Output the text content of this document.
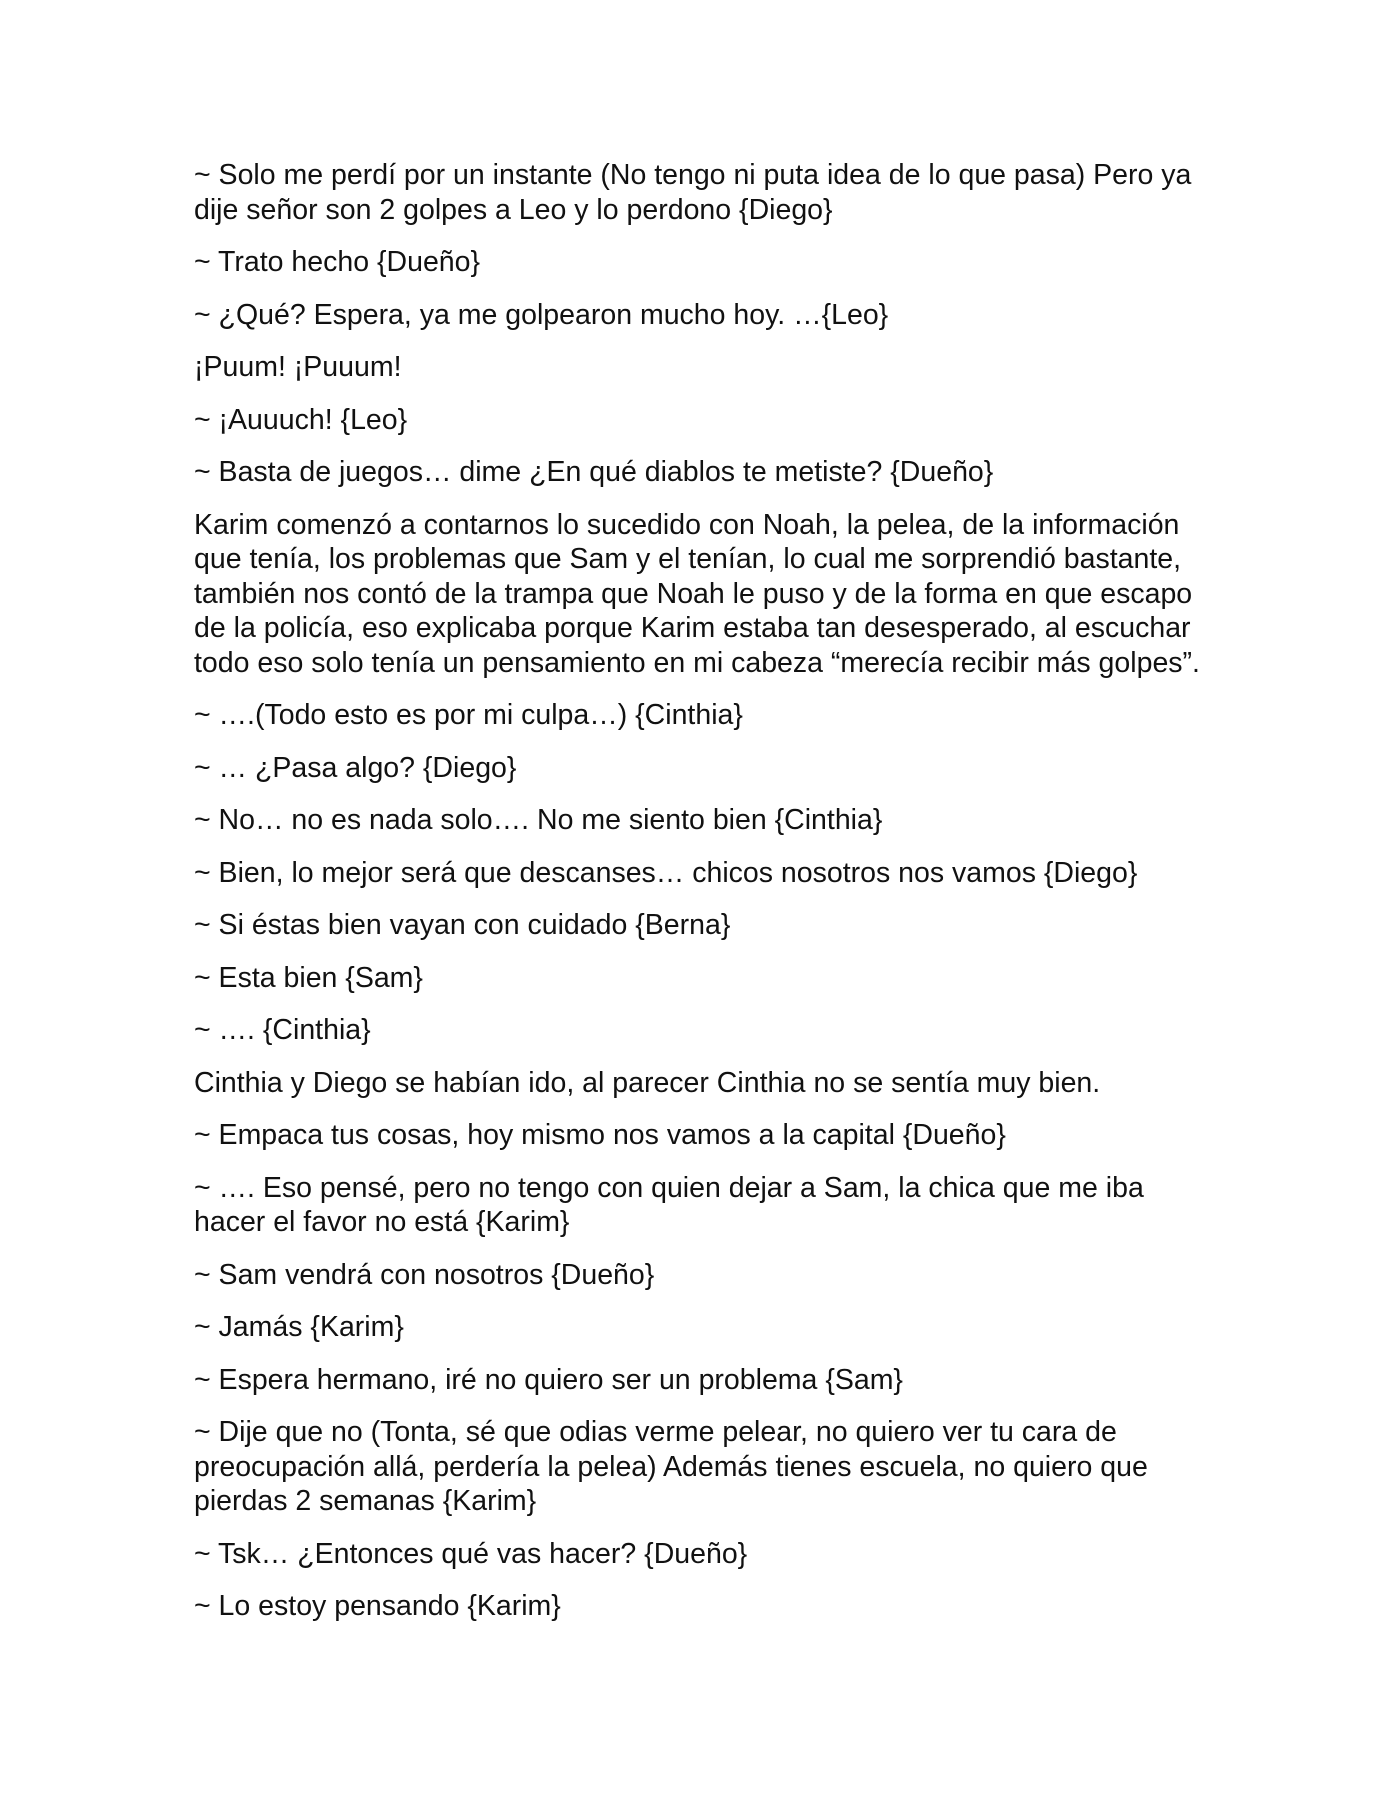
~ Solo me perdí por un instante (No tengo ni puta idea de lo que pasa) Pero ya dije señor son 2 golpes a Leo y lo perdono {Diego}

~ Trato hecho {Dueño}

~ ¿Qué? Espera, ya me golpearon mucho hoy. …{Leo}

¡Puum! ¡Puuum!

~ ¡Auuuch! {Leo}

~ Basta de juegos… dime ¿En qué diablos te metiste? {Dueño}

Karim comenzó a contarnos lo sucedido con Noah, la pelea, de la información que tenía, los problemas que Sam y el tenían, lo cual me sorprendió bastante, también nos contó de la trampa que Noah le puso y de la forma en que escapo de la policía, eso explicaba porque Karim estaba tan desesperado, al escuchar todo eso solo tenía un pensamiento en mi cabeza “merecía recibir más golpes”.

~ ….(Todo esto es por mi culpa…) {Cinthia}

~ … ¿Pasa algo? {Diego}

~ No… no es nada solo…. No me siento bien {Cinthia}

~ Bien, lo mejor será que descanses… chicos nosotros nos vamos {Diego}

~ Si éstas bien vayan con cuidado {Berna}

~ Esta bien {Sam}

~ …. {Cinthia}

Cinthia y Diego se habían ido, al parecer Cinthia no se sentía muy bien.

~ Empaca tus cosas, hoy mismo nos vamos a la capital {Dueño}

~ …. Eso pensé, pero no tengo con quien dejar a Sam, la chica que me iba hacer el favor no está {Karim}

~ Sam vendrá con nosotros {Dueño}

~ Jamás {Karim}

~ Espera hermano, iré no quiero ser un problema {Sam}

~ Dije que no (Tonta, sé que odias verme pelear, no quiero ver tu cara de preocupación allá, perdería la pelea) Además tienes escuela, no quiero que pierdas 2 semanas {Karim}

~ Tsk… ¿Entonces qué vas hacer? {Dueño}

~ Lo estoy pensando {Karim}
